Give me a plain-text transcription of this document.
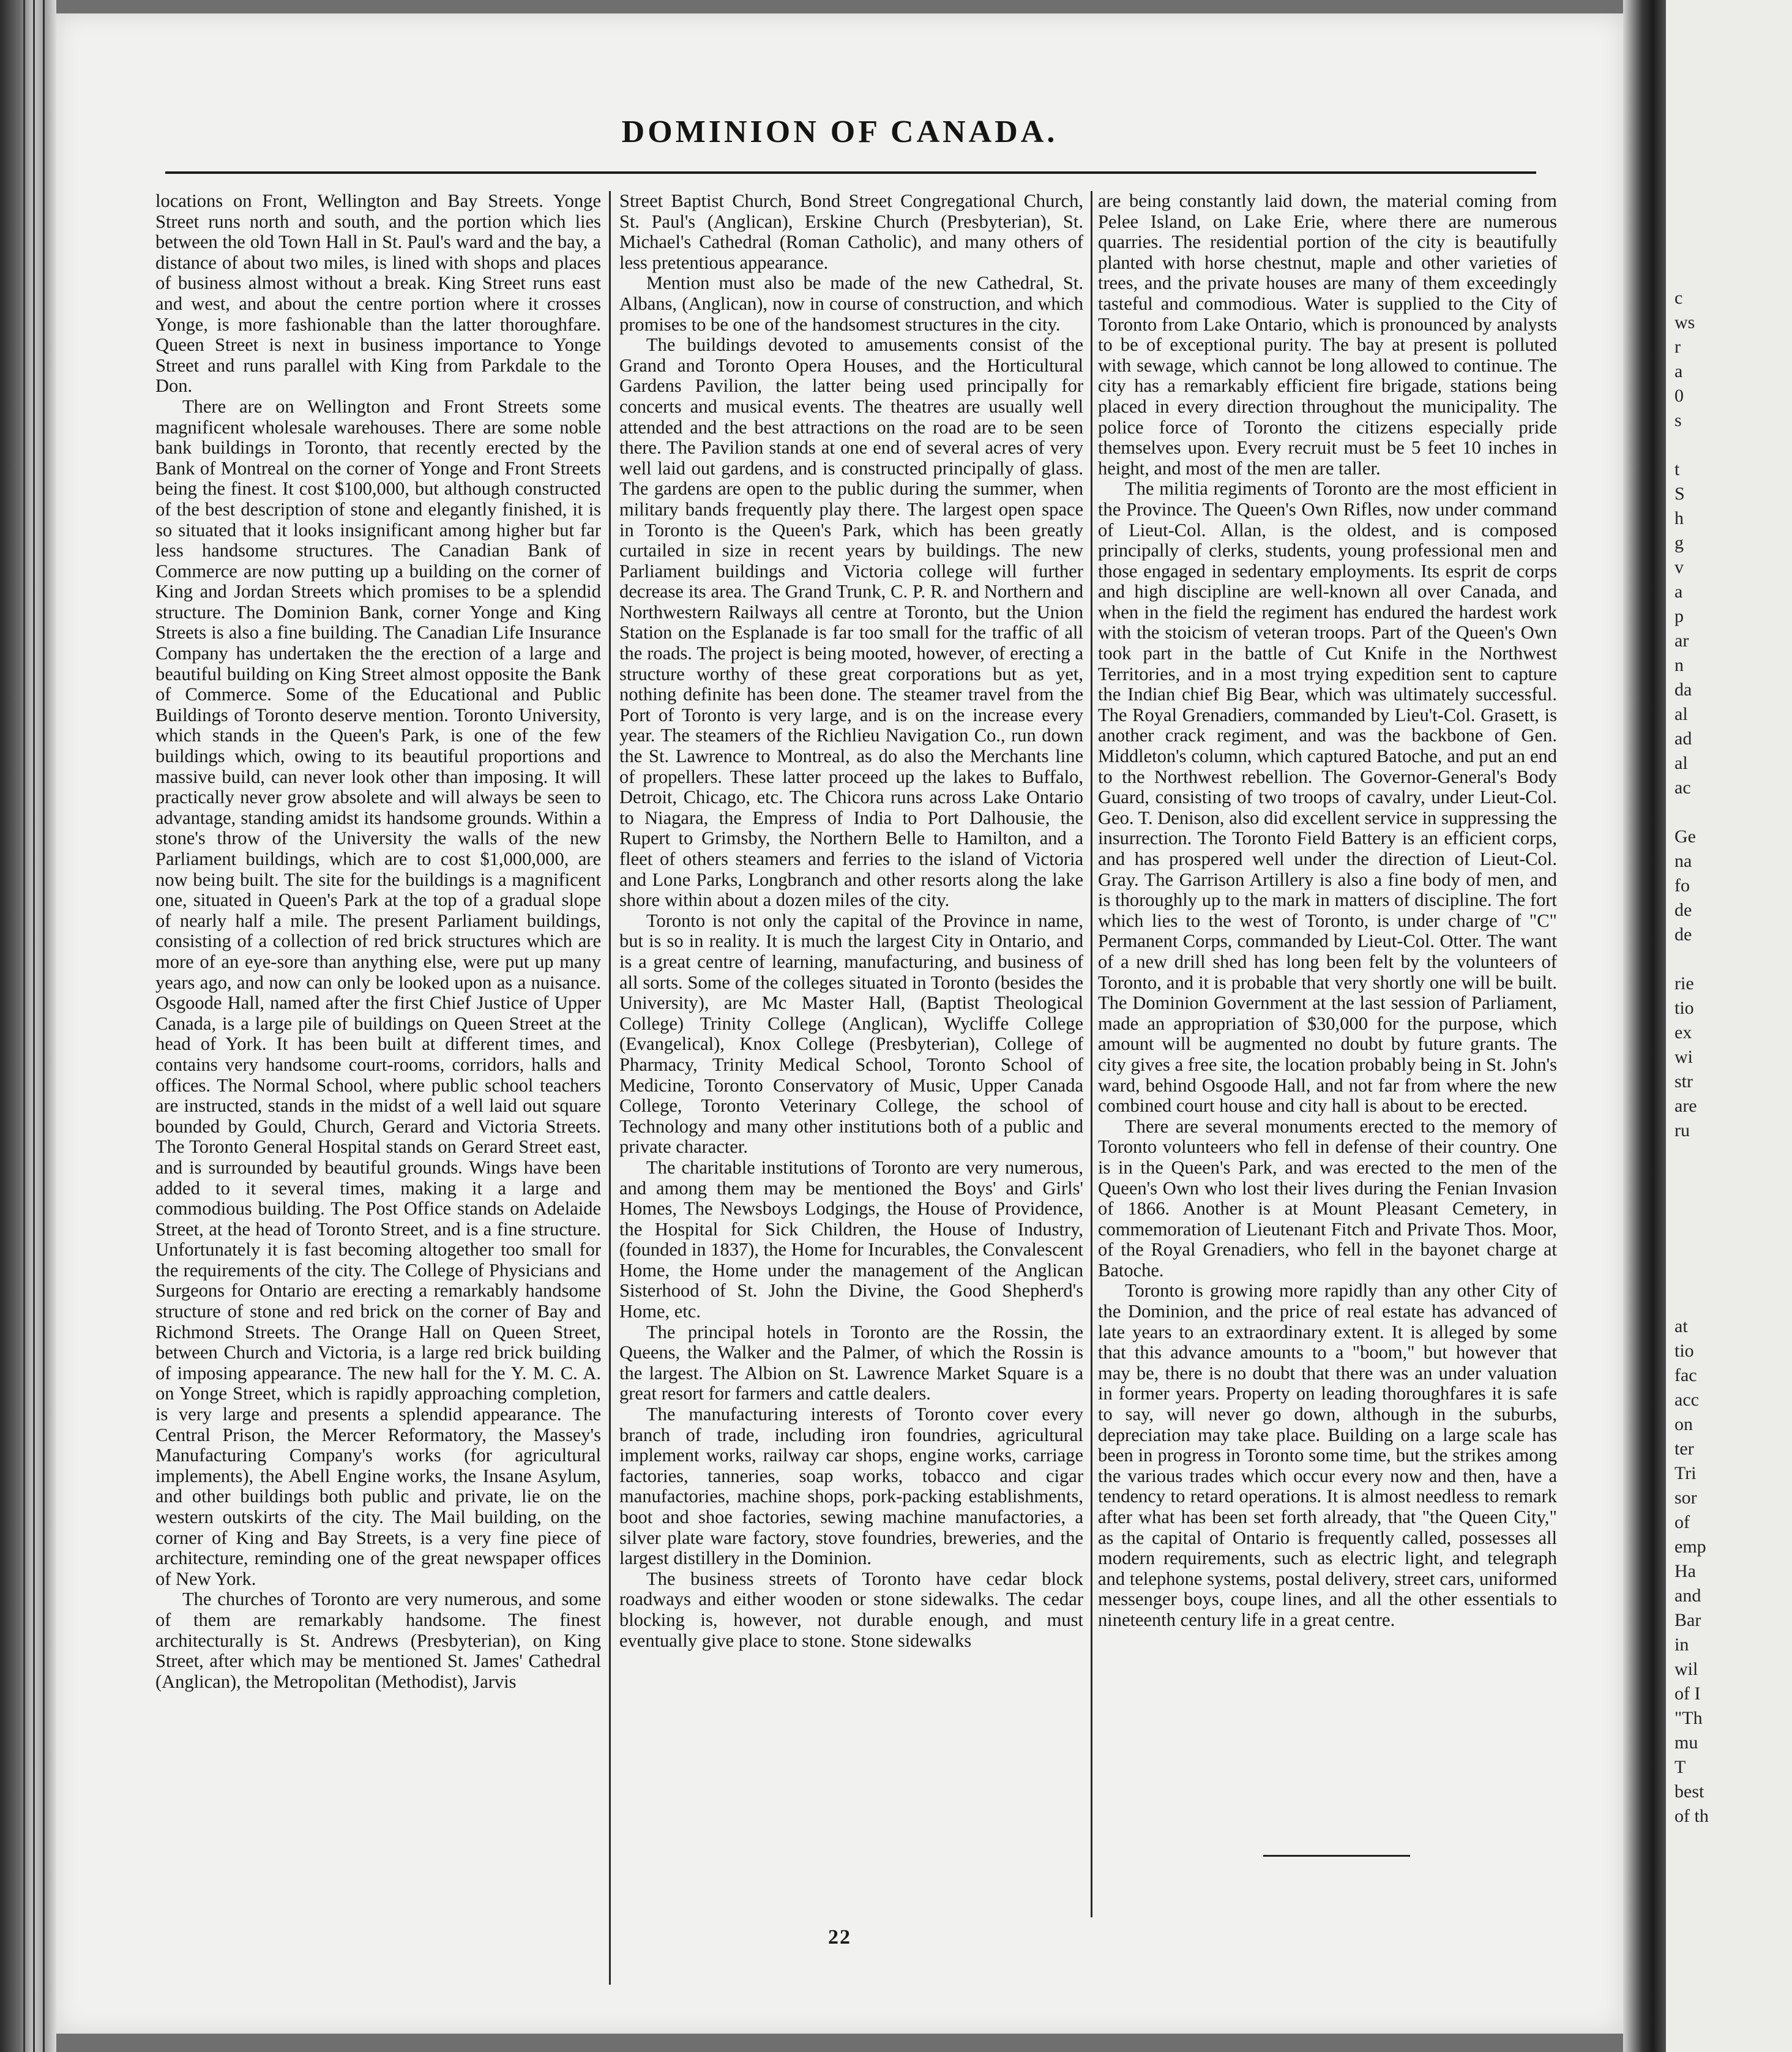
c
ws
r
a
0
s
t
S
h
g
v
a
p
ar
n
da
al
ad
al
ac
Ge
na
fo
de
de
rie
tio
ex
wi
str
are
ru
at
tio
fac
acc
on
ter
Tri
sor
of
emp
Ha
and
Bar
in
wil
of I
"Th
mu
T
best
of th
DOMINION OF CANADA.

locations on Front, Wellington and Bay Streets. Yonge Street runs north and south, and the portion which lies between the old Town Hall in St. Paul's ward and the bay, a distance of about two miles, is lined with shops and places of business almost without a break. King Street runs east and west, and about the centre portion where it crosses Yonge, is more fashionable than the latter thoroughfare. Queen Street is next in business importance to Yonge Street and runs parallel with King from Parkdale to the Don.

There are on Wellington and Front Streets some magnificent wholesale warehouses. There are some noble bank buildings in Toronto, that recently erected by the Bank of Montreal on the corner of Yonge and Front Streets being the finest. It cost $100,000, but although constructed of the best description of stone and elegantly finished, it is so situated that it looks insignificant among higher but far less handsome structures. The Canadian Bank of Commerce are now putting up a building on the corner of King and Jordan Streets which promises to be a splendid structure. The Dominion Bank, corner Yonge and King Streets is also a fine building. The Canadian Life Insurance Company has undertaken the the erection of a large and beautiful building on King Street almost opposite the Bank of Commerce. Some of the Educational and Public Buildings of Toronto deserve mention. Toronto University, which stands in the Queen's Park, is one of the few buildings which, owing to its beautiful proportions and massive build, can never look other than imposing. It will practically never grow absolete and will always be seen to advantage, standing amidst its handsome grounds. Within a stone's throw of the University the walls of the new Parliament buildings, which are to cost $1,000,000, are now being built. The site for the buildings is a magnificent one, situated in Queen's Park at the top of a gradual slope of nearly half a mile. The present Parliament buildings, consisting of a collection of red brick structures which are more of an eye-sore than anything else, were put up many years ago, and now can only be looked upon as a nuisance. Osgoode Hall, named after the first Chief Justice of Upper Canada, is a large pile of buildings on Queen Street at the head of York. It has been built at different times, and contains very handsome court-rooms, corridors, halls and offices. The Normal School, where public school teachers are instructed, stands in the midst of a well laid out square bounded by Gould, Church, Gerard and Victoria Streets. The Toronto General Hospital stands on Gerard Street east, and is surrounded by beautiful grounds. Wings have been added to it several times, making it a large and commodious building. The Post Office stands on Adelaide Street, at the head of Toronto Street, and is a fine structure. Unfortunately it is fast becoming altogether too small for the requirements of the city. The College of Physicians and Surgeons for Ontario are erecting a remarkably handsome structure of stone and red brick on the corner of Bay and Richmond Streets. The Orange Hall on Queen Street, between Church and Victoria, is a large red brick building of imposing appearance. The new hall for the Y. M. C. A. on Yonge Street, which is rapidly approaching completion, is very large and presents a splendid appearance. The Central Prison, the Mercer Reformatory, the Massey's Manufacturing Company's works (for agricultural implements), the Abell Engine works, the Insane Asylum, and other buildings both public and private, lie on the western outskirts of the city. The Mail building, on the corner of King and Bay Streets, is a very fine piece of architecture, reminding one of the great newspaper offices of New York.

The churches of Toronto are very numerous, and some of them are remarkably handsome. The finest architecturally is St. Andrews (Presbyterian), on King Street, after which may be mentioned St. James' Cathedral (Anglican), the Metropolitan (Methodist), Jarvis

Street Baptist Church, Bond Street Congregational Church, St. Paul's (Anglican), Erskine Church (Presbyterian), St. Michael's Cathedral (Roman Catholic), and many others of less pretentious appearance.

Mention must also be made of the new Cathedral, St. Albans, (Anglican), now in course of construction, and which promises to be one of the handsomest structures in the city.

The buildings devoted to amusements consist of the Grand and Toronto Opera Houses, and the Horticultural Gardens Pavilion, the latter being used principally for concerts and musical events. The theatres are usually well attended and the best attractions on the road are to be seen there. The Pavilion stands at one end of several acres of very well laid out gardens, and is constructed principally of glass. The gardens are open to the public during the summer, when military bands frequently play there. The largest open space in Toronto is the Queen's Park, which has been greatly curtailed in size in recent years by buildings. The new Parliament buildings and Victoria college will further decrease its area. The Grand Trunk, C. P. R. and Northern and Northwestern Railways all centre at Toronto, but the Union Station on the Esplanade is far too small for the traffic of all the roads. The project is being mooted, however, of erecting a structure worthy of these great corporations but as yet, nothing definite has been done. The steamer travel from the Port of Toronto is very large, and is on the increase every year. The steamers of the Richlieu Navigation Co., run down the St. Lawrence to Montreal, as do also the Merchants line of propellers. These latter proceed up the lakes to Buffalo, Detroit, Chicago, etc. The Chicora runs across Lake Ontario to Niagara, the Empress of India to Port Dalhousie, the Rupert to Grimsby, the Northern Belle to Hamilton, and a fleet of others steamers and ferries to the island of Victoria and Lone Parks, Longbranch and other resorts along the lake shore within about a dozen miles of the city.

Toronto is not only the capital of the Province in name, but is so in reality. It is much the largest City in Ontario, and is a great centre of learning, manufacturing, and business of all sorts. Some of the colleges situated in Toronto (besides the University), are Mc Master Hall, (Baptist Theological College) Trinity College (Anglican), Wycliffe College (Evangelical), Knox College (Presbyterian), College of Pharmacy, Trinity Medical School, Toronto School of Medicine, Toronto Conservatory of Music, Upper Canada College, Toronto Veterinary College, the school of Technology and many other institutions both of a public and private character.

The charitable institutions of Toronto are very numerous, and among them may be mentioned the Boys' and Girls' Homes, The Newsboys Lodgings, the House of Providence, the Hospital for Sick Children, the House of Industry, (founded in 1837), the Home for Incurables, the Convalescent Home, the Home under the management of the Anglican Sisterhood of St. John the Divine, the Good Shepherd's Home, etc.

The principal hotels in Toronto are the Rossin, the Queens, the Walker and the Palmer, of which the Rossin is the largest. The Albion on St. Lawrence Market Square is a great resort for farmers and cattle dealers.

The manufacturing interests of Toronto cover every branch of trade, including iron foundries, agricultural implement works, railway car shops, engine works, carriage factories, tanneries, soap works, tobacco and cigar manufactories, machine shops, pork-packing establishments, boot and shoe factories, sewing machine manufactories, a silver plate ware factory, stove foundries, breweries, and the largest distillery in the Dominion.

The business streets of Toronto have cedar block roadways and either wooden or stone sidewalks. The cedar blocking is, however, not durable enough, and must eventually give place to stone. Stone sidewalks

are being constantly laid down, the material coming from Pelee Island, on Lake Erie, where there are numerous quarries. The residential portion of the city is beautifully planted with horse chestnut, maple and other varieties of trees, and the private houses are many of them exceedingly tasteful and commodious. Water is supplied to the City of Toronto from Lake Ontario, which is pronounced by analysts to be of exceptional purity. The bay at present is polluted with sewage, which cannot be long allowed to continue. The city has a remarkably efficient fire brigade, stations being placed in every direction throughout the municipality. The police force of Toronto the citizens especially pride themselves upon. Every recruit must be 5 feet 10 inches in height, and most of the men are taller.

The militia regiments of Toronto are the most efficient in the Province. The Queen's Own Rifles, now under command of Lieut-Col. Allan, is the oldest, and is composed principally of clerks, students, young professional men and those engaged in sedentary employments. Its esprit de corps and high discipline are well-known all over Canada, and when in the field the regiment has endured the hardest work with the stoicism of veteran troops. Part of the Queen's Own took part in the battle of Cut Knife in the Northwest Territories, and in a most trying expedition sent to capture the Indian chief Big Bear, which was ultimately successful. The Royal Grenadiers, commanded by Lieu't-Col. Grasett, is another crack regiment, and was the backbone of Gen. Middleton's column, which captured Batoche, and put an end to the Northwest rebellion. The Governor-General's Body Guard, consisting of two troops of cavalry, under Lieut-Col. Geo. T. Denison, also did excellent service in suppressing the insurrection. The Toronto Field Battery is an efficient corps, and has prospered well under the direction of Lieut-Col. Gray. The Garrison Artillery is also a fine body of men, and is thoroughly up to the mark in matters of discipline. The fort which lies to the west of Toronto, is under charge of "C" Permanent Corps, commanded by Lieut-Col. Otter. The want of a new drill shed has long been felt by the volunteers of Toronto, and it is probable that very shortly one will be built. The Dominion Government at the last session of Parliament, made an appropriation of $30,000 for the purpose, which amount will be augmented no doubt by future grants. The city gives a free site, the location probably being in St. John's ward, behind Osgoode Hall, and not far from where the new combined court house and city hall is about to be erected.

There are several monuments erected to the memory of Toronto volunteers who fell in defense of their country. One is in the Queen's Park, and was erected to the men of the Queen's Own who lost their lives during the Fenian Invasion of 1866. Another is at Mount Pleasant Cemetery, in commemoration of Lieutenant Fitch and Private Thos. Moor, of the Royal Grenadiers, who fell in the bayonet charge at Batoche.

Toronto is growing more rapidly than any other City of the Dominion, and the price of real estate has advanced of late years to an extraordinary extent. It is alleged by some that this advance amounts to a "boom," but however that may be, there is no doubt that there was an under valuation in former years. Property on leading thoroughfares it is safe to say, will never go down, although in the suburbs, depreciation may take place. Building on a large scale has been in progress in Toronto some time, but the strikes among the various trades which occur every now and then, have a tendency to retard operations. It is almost needless to remark after what has been set forth already, that "the Queen City," as the capital of Ontario is frequently called, possesses all modern requirements, such as electric light, and telegraph and telephone systems, postal delivery, street cars, uniformed messenger boys, coupe lines, and all the other essentials to nineteenth century life in a great centre.

22
